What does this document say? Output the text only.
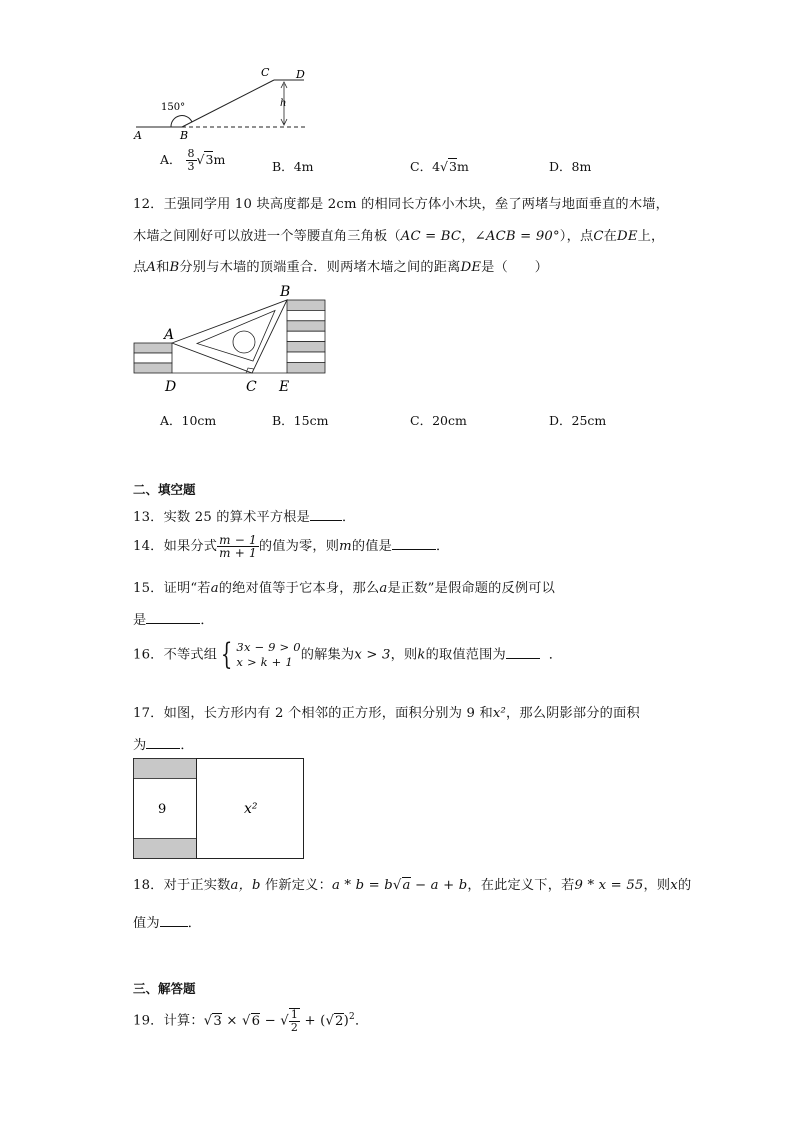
C D
A	B
150°	h
A． $\frac{8}{3} √3m$	B．4m	C．4√3m	D．8m
12．王强同学用 10 块高度都是 2cm 的相同长方体小木块，垒了两堵与地面垂直的木墙，
木墙之间刚好可以放进一个等腰直角三角板（AC = BC，∠ACB = 90°），点C在DE上，
点A和B分别与木墙的顶端重合．则两堵木墙之间的距离DE是（　　）
A
B
C
D	E
A．10cm	B．15cm	C．20cm	D．25cm
二、填空题
13．实数 25 的算术平方根是 ．
14．如果分式 $\frac{m - 1}{m + 1}$ 的值为零，则m的值是	．
15．证明“若a的绝对值等于它本身，那么a是正数”是假命题的反例可以
是	．
16．不等式组 { 3x − 9 > 0
x > k + 1 的解集为x > 3，则k的取值范围为	．
17．如图，长方形内有 2 个相邻的正方形，面积分别为 9 和x²，那么阴影部分的面积
为	．
9	x²
18．对于正实数a，b 作新定义：a * b = b√a − a + b，在此定义下，若9 * x = 55，则x的
值为 ．
三、解答题
19．计算：√3 × √6 − √ $\frac{1}{2} + (√2)^2$．
